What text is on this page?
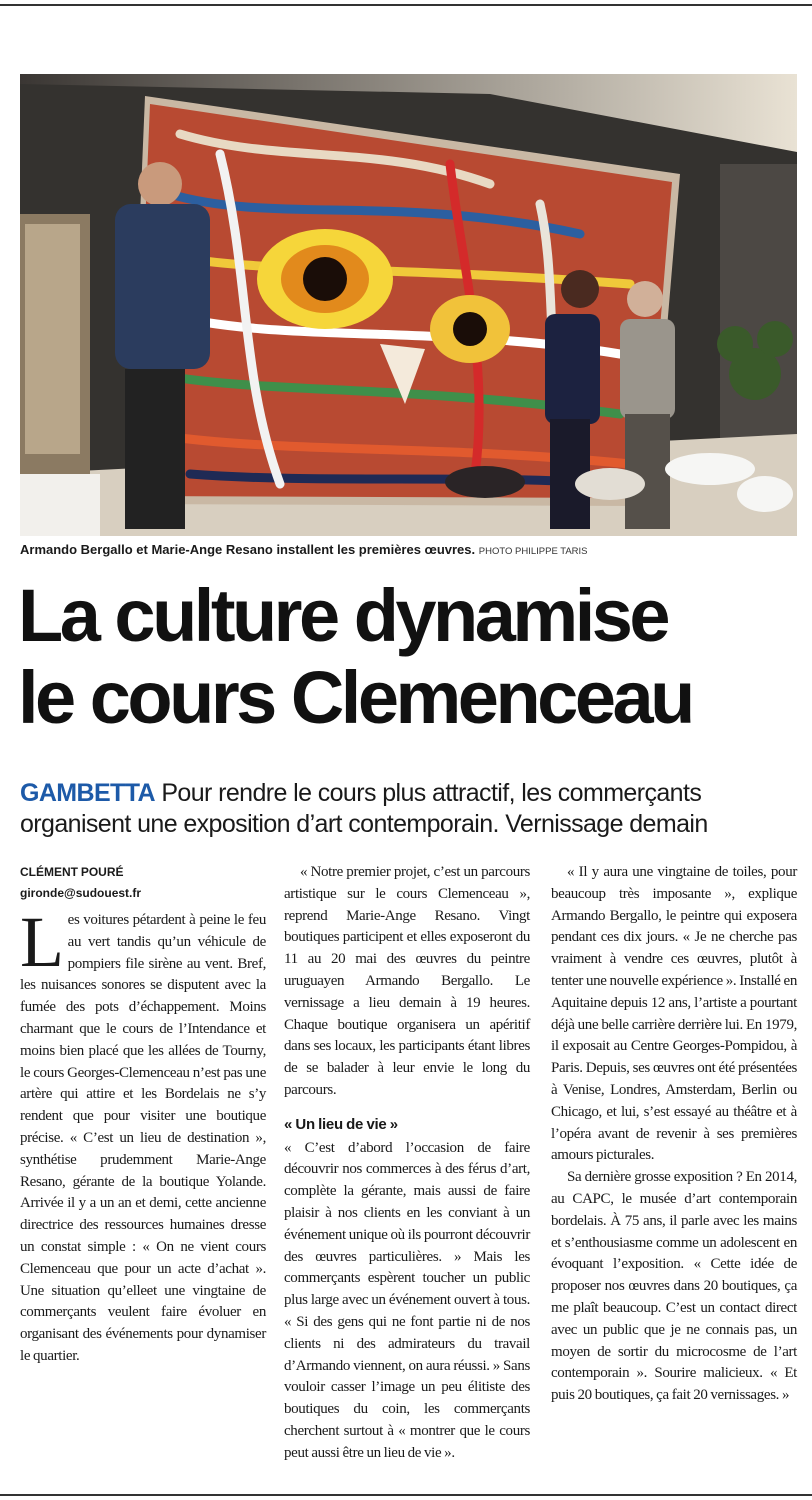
Armando Bergallo et Marie-Ange Resano installent les premières œuvres. PHOTO PHILIPPE TARIS
La culture dynamise
le cours Clemenceau
GAMBETTA Pour rendre le cours plus attractif, les commerçants organisent une exposition d’art contemporain. Vernissage demain
CLÉMENT POURÉ
gironde@sudouest.fr

Les voitures pétardent à peine le feu au vert tandis qu’un véhicule de pompiers file sirène au vent. Bref, les nuisances sonores se disputent avec la fumée des pots d’échappement. Moins charmant que le cours de l’Intendance et moins bien placé que les allées de Tourny, le cours Georges-Clemenceau n’est pas une artère qui attire et les Bordelais ne s’y rendent que pour visiter une boutique précise. « C’est un lieu de destination », synthétise prudemment Marie-Ange Resano, gérante de la boutique Yolande. Arrivée il y a un an et demi, cette ancienne directrice des ressources humaines dresse un constat simple : « On ne vient cours Clemenceau que pour un acte d’achat ». Une situation qu’elleet une vingtaine de commerçants veulent faire évoluer en organisant des événements pour dynamiser le quartier.

« Notre premier projet, c’est un parcours artistique sur le cours Clemenceau », reprend Marie-Ange Resano. Vingt boutiques participent et elles exposeront du 11 au 20 mai des œuvres du peintre uruguayen Armando Bergallo. Le vernissage a lieu demain à 19 heures. Chaque boutique organisera un apéritif dans ses locaux, les participants étant libres de se balader à leur envie le long du parcours.

« Un lieu de vie »

« C’est d’abord l’occasion de faire découvrir nos commerces à des férus d’art, complète la gérante, mais aussi de faire plaisir à nos clients en les conviant à un événement unique où ils pourront découvrir des œuvres particulières. » Mais les commerçants espèrent toucher un public plus large avec un événement ouvert à tous. « Si des gens qui ne font partie ni de nos clients ni des admirateurs du travail d’Armando viennent, on aura réussi. » Sans vouloir casser l’image un peu élitiste des boutiques du coin, les commerçants cherchent surtout à « montrer que le cours peut aussi être un lieu de vie ».

« Il y aura une vingtaine de toiles, pour beaucoup très imposante », explique Armando Bergallo, le peintre qui exposera pendant ces dix jours. « Je ne cherche pas vraiment à vendre ces œuvres, plutôt à tenter une nouvelle expérience ». Installé en Aquitaine depuis 12 ans, l’artiste a pourtant déjà une belle carrière derrière lui. En 1979, il exposait au Centre Georges-Pompidou, à Paris. Depuis, ses œuvres ont été présentées à Venise, Londres, Amsterdam, Berlin ou Chicago, et lui, s’est essayé au théâtre et à l’opéra avant de revenir à ses premières amours picturales.

Sa dernière grosse exposition ? En 2014, au CAPC, le musée d’art contemporain bordelais. À 75 ans, il parle avec les mains et s’enthousiasme comme un adolescent en évoquant l’exposition. « Cette idée de proposer nos œuvres dans 20 boutiques, ça me plaît beaucoup. C’est un contact direct avec un public que je ne connais pas, un moyen de sortir du microcosme de l’art contemporain ». Sourire malicieux. « Et puis 20 boutiques, ça fait 20 vernissages. »
